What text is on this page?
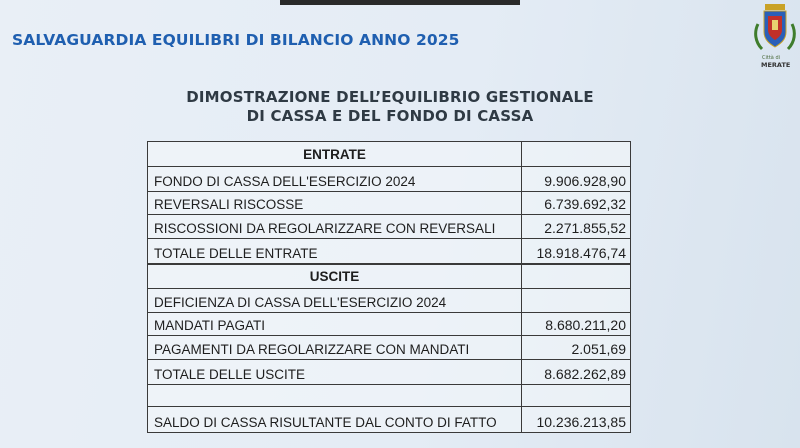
SALVAGUARDIA EQUILIBRI DI BILANCIO ANNO 2025
Città di
MERATE
DIMOSTRAZIONE DELL’EQUILIBRIO GESTIONALE
DI CASSA E DEL FONDO DI CASSA
ENTRATE
FONDO DI CASSA DELL'ESERCIZIO 2024	9.906.928,90
REVERSALI RISCOSSE	6.739.692,32
RISCOSSIONI DA REGOLARIZZARE CON REVERSALI	2.271.855,52
TOTALE DELLE ENTRATE	18.918.476,74
USCITE
DEFICIENZA DI CASSA DELL'ESERCIZIO 2024
MANDATI PAGATI	8.680.211,20
PAGAMENTI DA REGOLARIZZARE CON MANDATI	2.051,69
TOTALE DELLE USCITE	8.682.262,89
SALDO DI CASSA RISULTANTE DAL CONTO DI FATTO	10.236.213,85
